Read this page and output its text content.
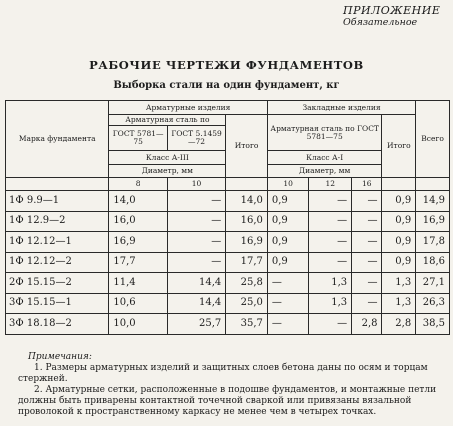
ПРИЛОЖЕНИЕ
Обязательное
РАБОЧИЕ ЧЕРТЕЖИ ФУНДАМЕНТОВ
Выборка стали на один фундамент, кг
Марка фундамента	Арматурные изделия			Закладные изделия				Всего
	Арматурная сталь по		Итого	Арматурная сталь по ГОСТ 5781—75			Итого	
	ГОСТ 5781—75	ГОСТ 5.1459—72						
	Класс А-III			Класс А-I				
	Диаметр, мм			Диаметр, мм				
	8	10		10	12	16		
1Ф 9.9—1	14,0	—	14,0	0,9	—	—	0,9	14,9
1Ф 12.9—2	16,0	—	16,0	0,9	—	—	0,9	16,9
1Ф 12.12—1	16,9	—	16,9	0,9	—	—	0,9	17,8
1Ф 12.12—2	17,7	—	17,7	0,9	—	—	0,9	18,6
2Ф 15.15—2	11,4	14,4	25,8	—	1,3	—	1,3	27,1
3Ф 15.15—1	10,6	14,4	25,0	—	1,3	—	1,3	26,3
3Ф 18.18—2	10,0	25,7	35,7	—	—	2,8	2,8	38,5
Примечания:
1. Размеры арматурных изделий и защитных слоев бетона даны по осям и торцам стержней.
2. Арматурные сетки, расположенные в подошве фундаментов, и монтажные петли должны быть приварены контактной точечной сваркой или привязаны вязальной проволокой к пространственному каркасу не менее чем в четырех точках.
